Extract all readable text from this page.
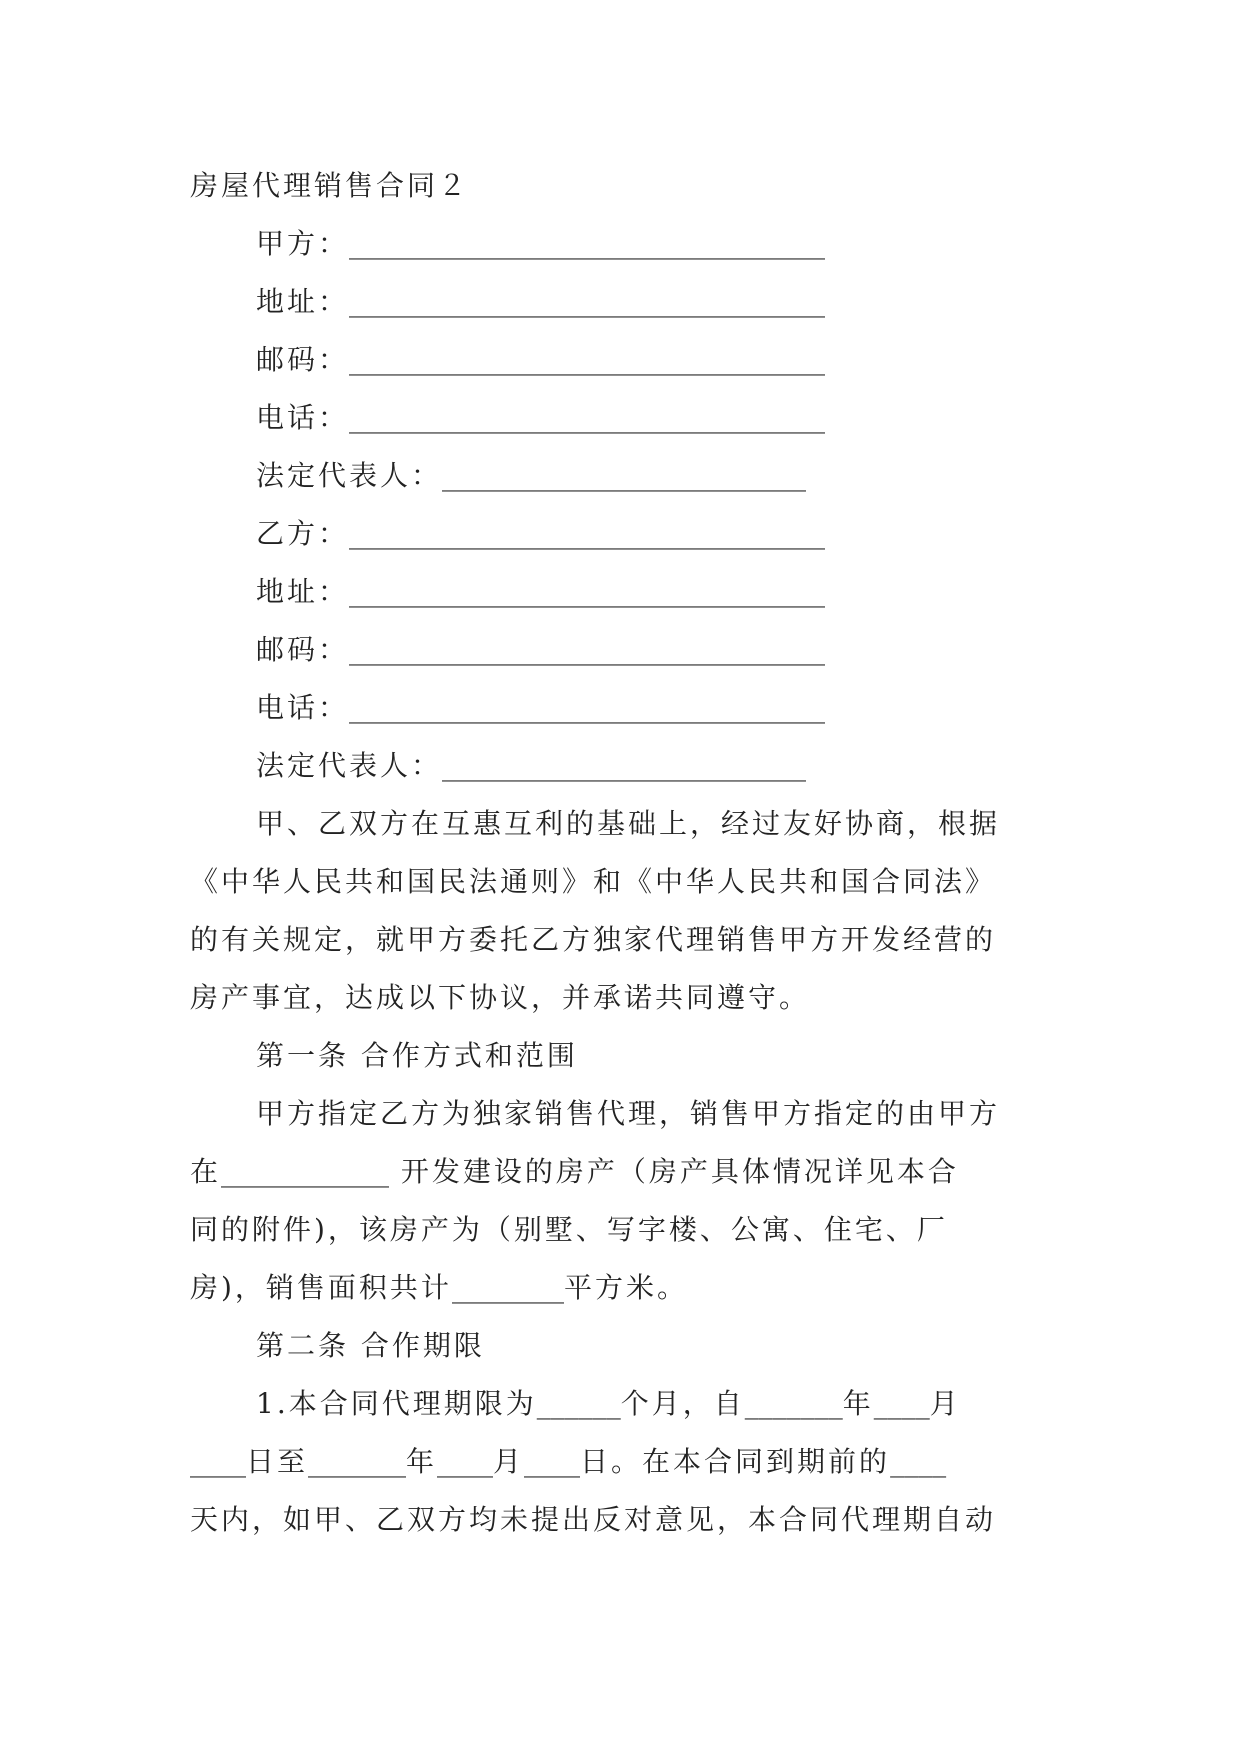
房屋代理销售合同２
甲方：__________________________________
地址：__________________________________
邮码：__________________________________
电话：__________________________________
法定代表人：__________________________
乙方：__________________________________
地址：__________________________________
邮码：__________________________________
电话：__________________________________
法定代表人：__________________________
甲、乙双方在互惠互利的基础上，经过友好协商，根据
《中华人民共和国民法通则》和《中华人民共和国合同法》
的有关规定，就甲方委托乙方独家代理销售甲方开发经营的
房产事宜，达成以下协议，并承诺共同遵守。
第一条 合作方式和范围
甲方指定乙方为独家销售代理，销售甲方指定的由甲方
在____________ 开发建设的房产（房产具体情况详见本合
同的附件)，该房产为（别墅、写字楼、公寓、住宅、厂
房)，销售面积共计________平方米。
第二条 合作期限
1.本合同代理期限为______个月，自_______年____月
____日至_______年____月____日。在本合同到期前的____
天内，如甲、乙双方均未提出反对意见，本合同代理期自动
